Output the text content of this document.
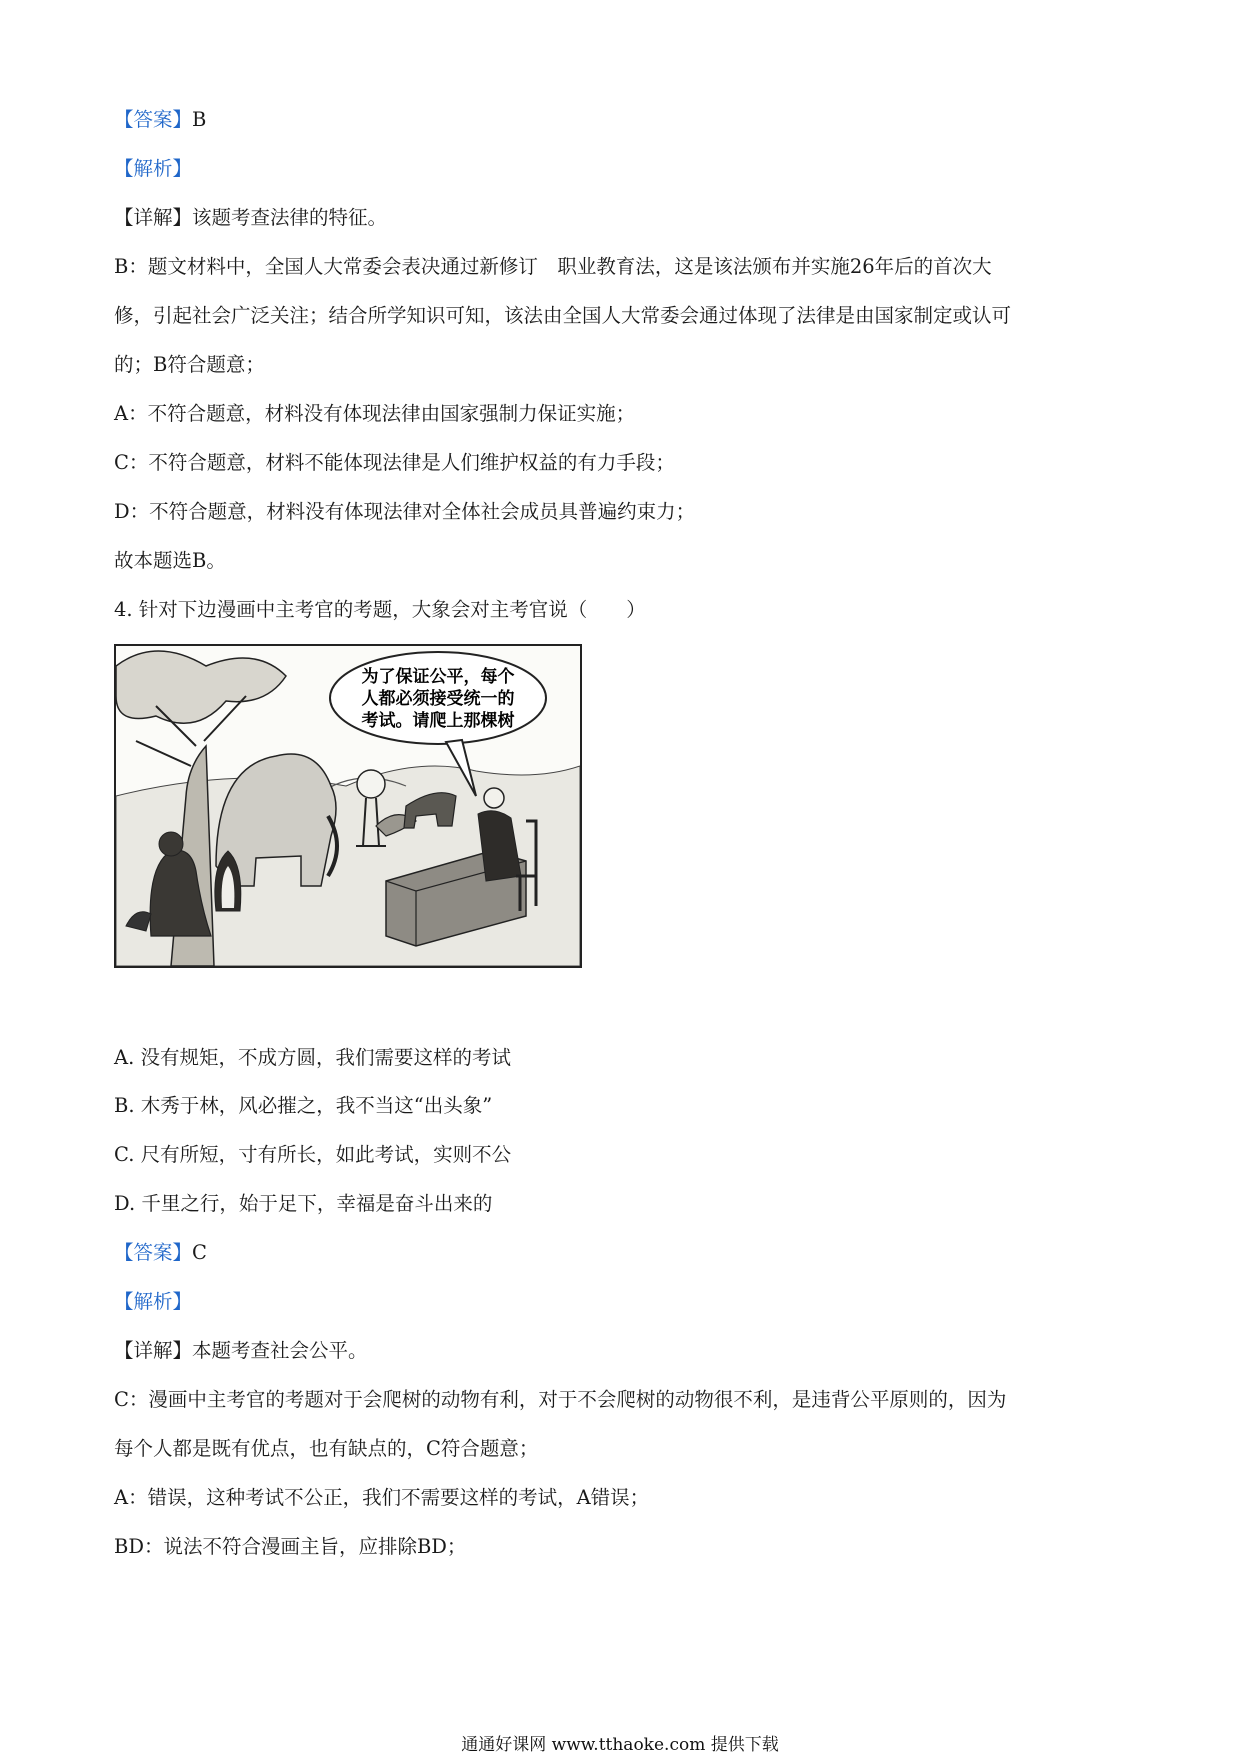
【答案】B
【解析】
【详解】该题考查法律的特征。
B：题文材料中，全国人大常委会表决通过新修订　职业教育法，这是该法颁布并实施26年后的首次大
修，引起社会广泛关注；结合所学知识可知，该法由全国人大常委会通过体现了法律是由国家制定或认可
的；B符合题意；
A：不符合题意，材料没有体现法律由国家强制力保证实施；
C：不符合题意，材料不能体现法律是人们维护权益的有力手段；
D：不符合题意，材料没有体现法律对全体社会成员具普遍约束力；
故本题选B。
4. 针对下边漫画中主考官的考题，大象会对主考官说（　　）
为了保证公平，每个
人都必须接受统一的
考试。请爬上那棵树
A. 没有规矩，不成方圆，我们需要这样的考试
B. 木秀于林，风必摧之，我不当这“出头象”
C. 尺有所短，寸有所长，如此考试，实则不公
D. 千里之行，始于足下，幸福是奋斗出来的
【答案】C
【解析】
【详解】本题考查社会公平。
C：漫画中主考官的考题对于会爬树的动物有利，对于不会爬树的动物很不利，是违背公平原则的，因为
每个人都是既有优点，也有缺点的，C符合题意；
A：错误，这种考试不公正，我们不需要这样的考试，A错误；
BD：说法不符合漫画主旨，应排除BD；
通通好课网 www.tthaoke.com 提供下载
